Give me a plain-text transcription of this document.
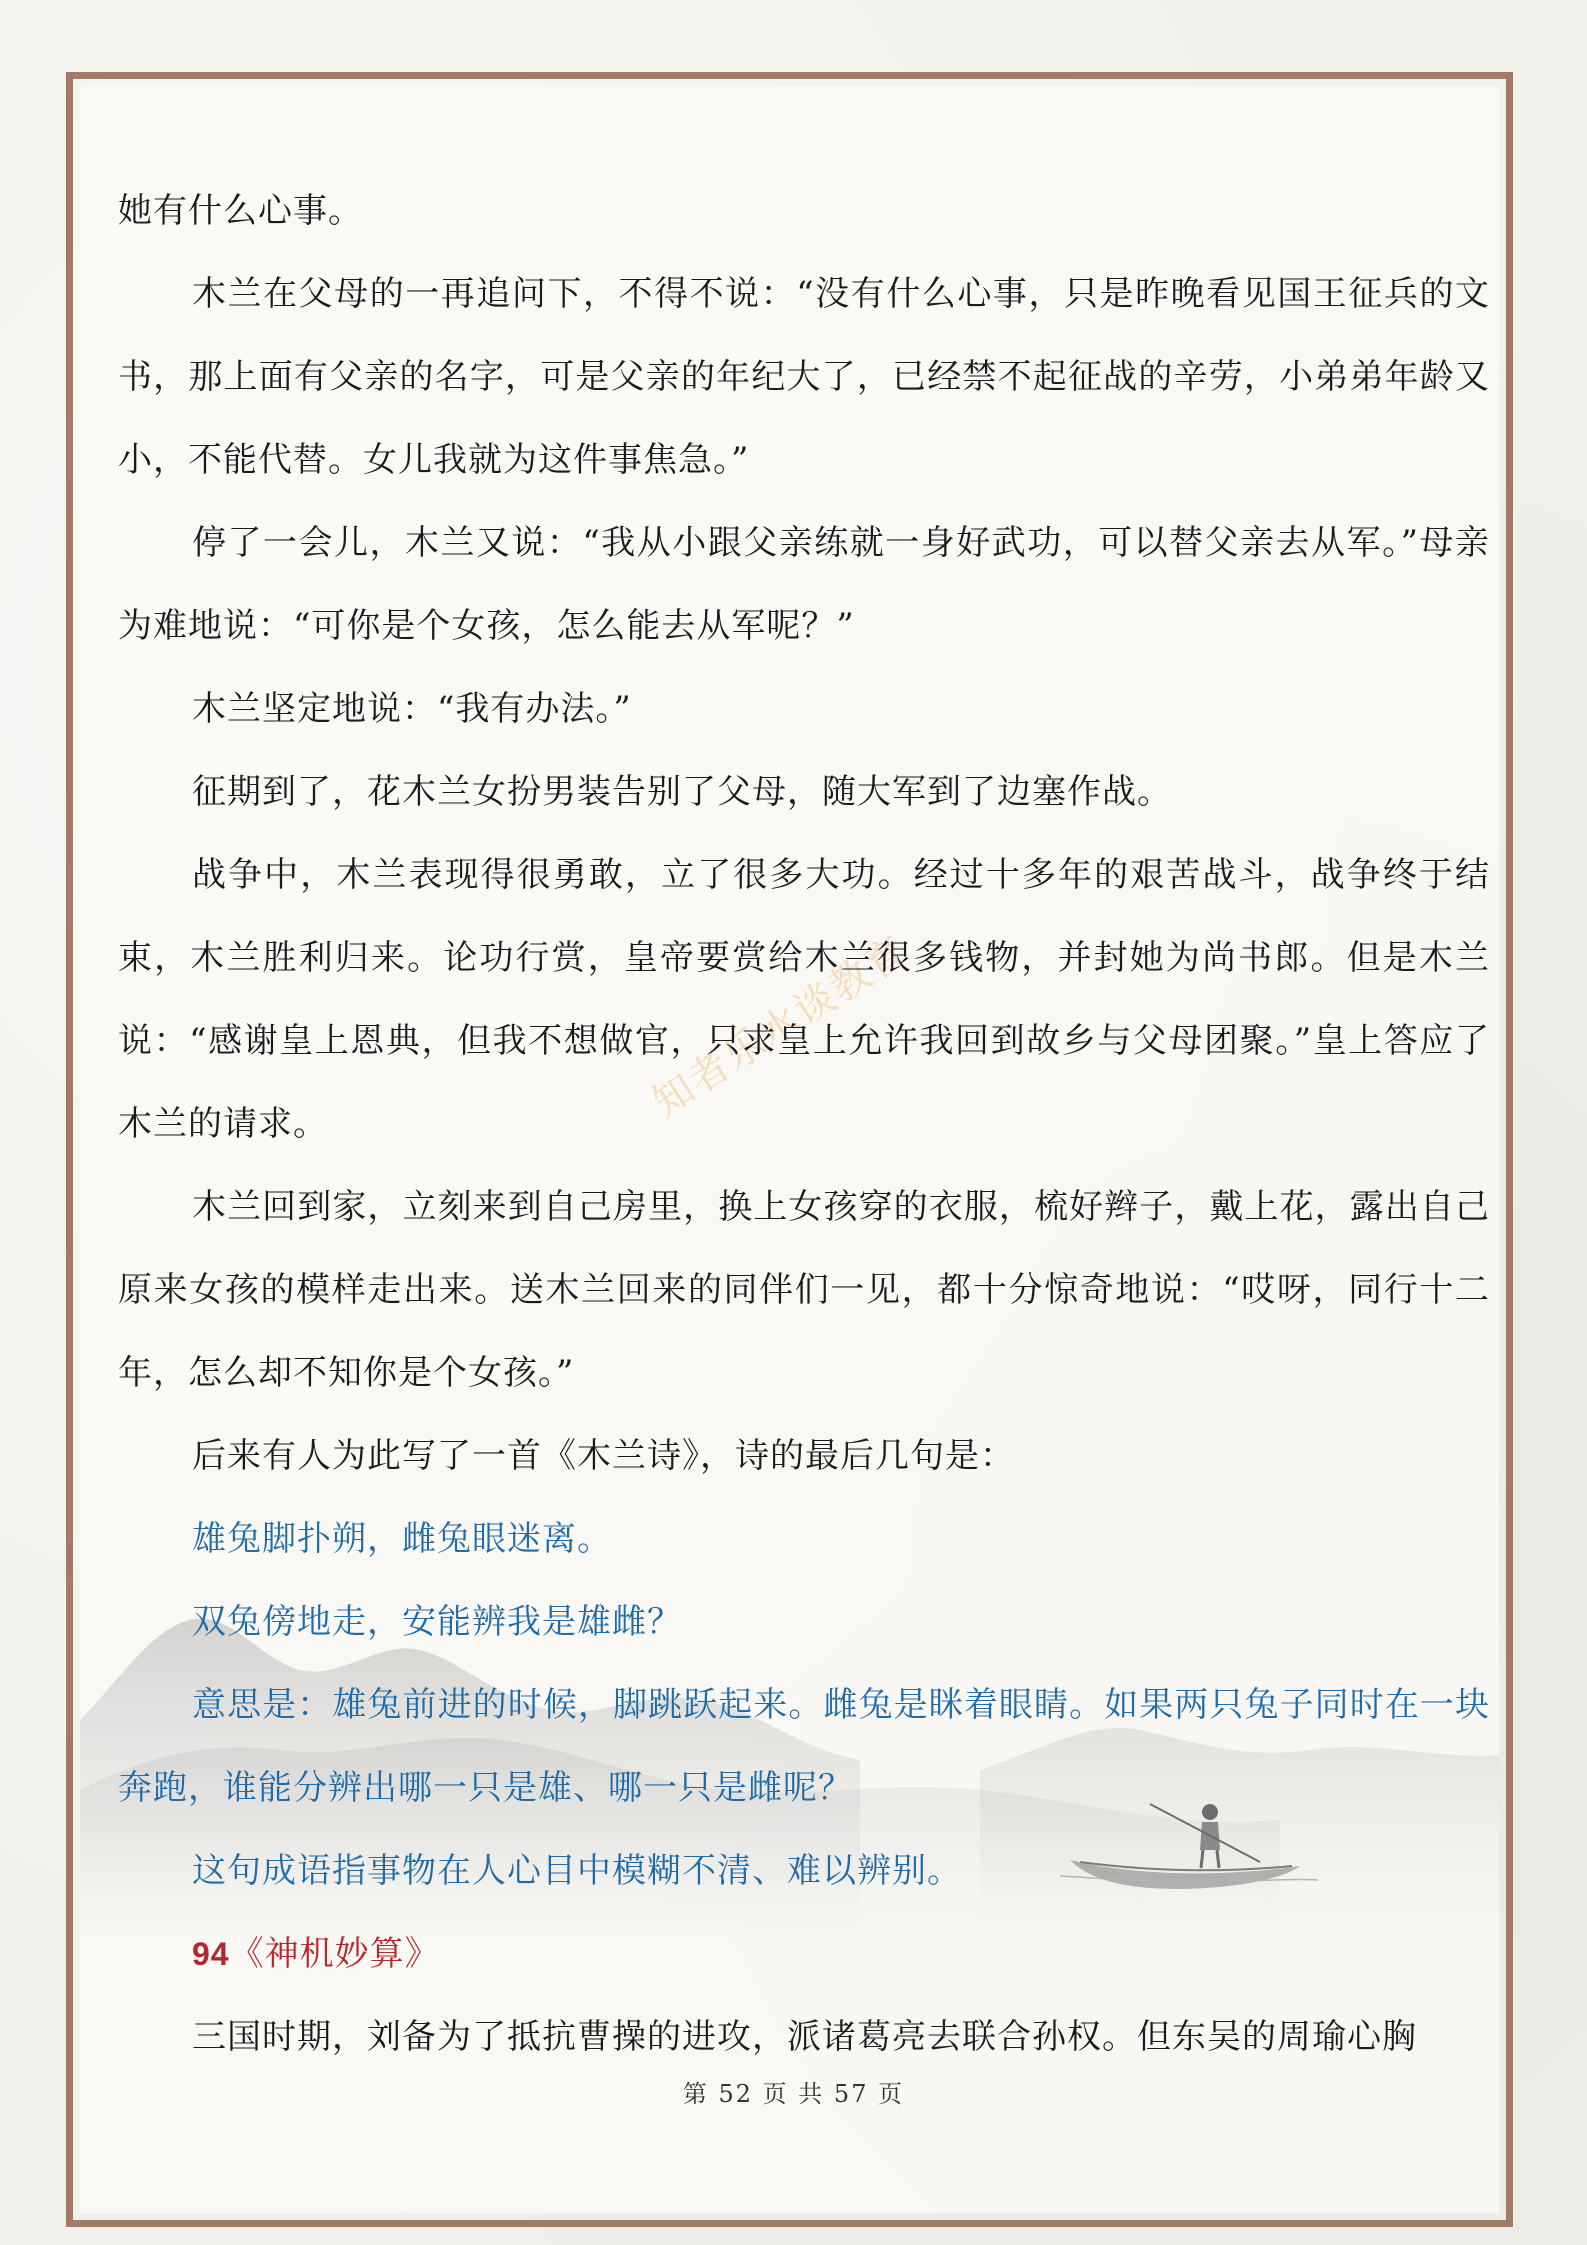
知者乐水谈教育

她有什么心事。

木兰在父母的一再追问下，不得不说：“没有什么心事，只是昨晚看见国王征兵的文书，那上面有父亲的名字，可是父亲的年纪大了，已经禁不起征战的辛劳，小弟弟年龄又小，不能代替。女儿我就为这件事焦急。”

停了一会儿，木兰又说：“我从小跟父亲练就一身好武功，可以替父亲去从军。”母亲为难地说：“可你是个女孩，怎么能去从军呢？”

木兰坚定地说：“我有办法。”

征期到了，花木兰女扮男装告别了父母，随大军到了边塞作战。

战争中，木兰表现得很勇敢，立了很多大功。经过十多年的艰苦战斗，战争终于结束，木兰胜利归来。论功行赏，皇帝要赏给木兰很多钱物，并封她为尚书郎。但是木兰说：“感谢皇上恩典，但我不想做官，只求皇上允许我回到故乡与父母团聚。”皇上答应了木兰的请求。

木兰回到家，立刻来到自己房里，换上女孩穿的衣服，梳好辫子，戴上花，露出自己原来女孩的模样走出来。送木兰回来的同伴们一见，都十分惊奇地说：“哎呀，同行十二年，怎么却不知你是个女孩。”

后来有人为此写了一首《木兰诗》，诗的最后几句是：

雄兔脚扑朔，雌兔眼迷离。

双兔傍地走，安能辨我是雄雌？

意思是：雄兔前进的时候，脚跳跃起来。雌兔是眯着眼睛。如果两只兔子同时在一块奔跑，谁能分辨出哪一只是雄、哪一只是雌呢？

这句成语指事物在人心目中模糊不清、难以辨别。

94《神机妙算》

三国时期，刘备为了抵抗曹操的进攻，派诸葛亮去联合孙权。但东吴的周瑜心胸

第 52 页 共 57 页
